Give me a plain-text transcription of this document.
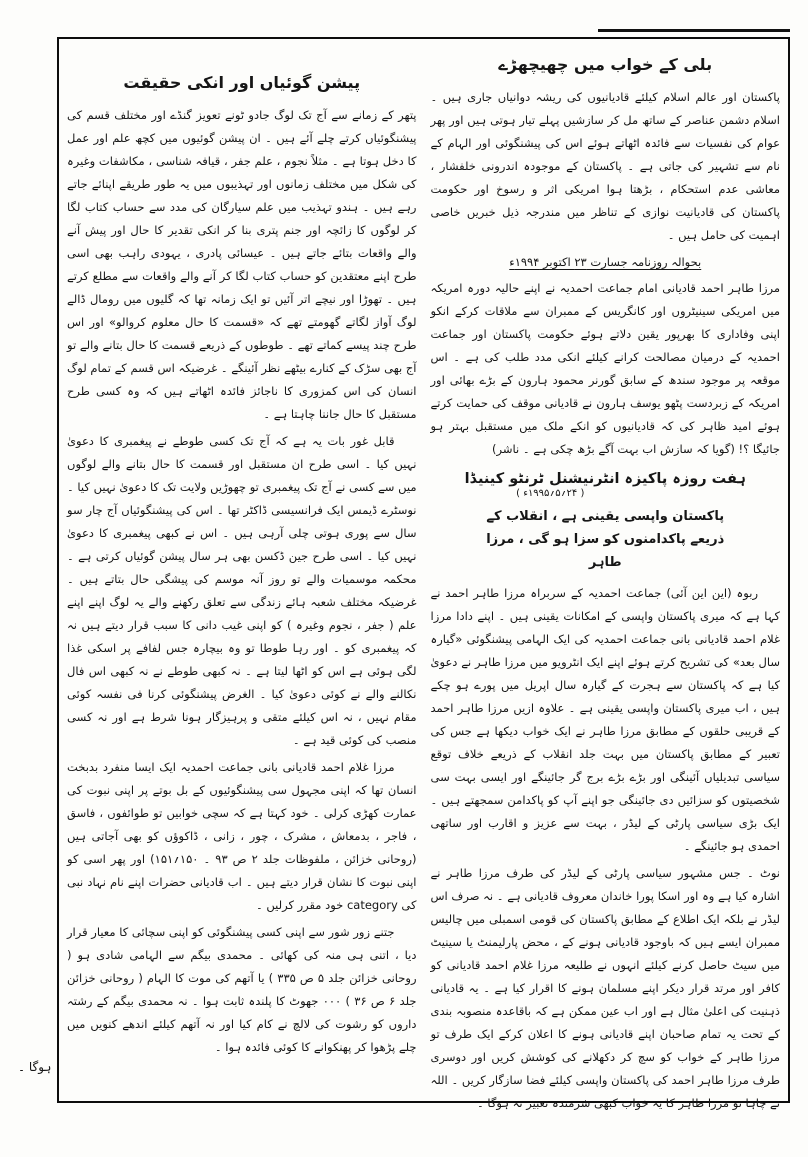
بلی کے خواب میں چھیچھڑے

پاکستان اور عالم اسلام کیلئے قادیانیوں کی ریشہ دوانیاں جاری ہیں ۔ اسلام دشمن عناصر کے ساتھ مل کر سازشیں پہلے تیار ہوتی ہیں اور پھر عوام کی نفسیات سے فائدہ اٹھاتے ہوئے اس کی پیشنگوئی اور الہام کے نام سے تشہیر کی جاتی ہے ۔ پاکستان کے موجودہ اندرونی خلفشار ، معاشی عدم استحکام ، بڑھتا ہوا امریکی اثر و رسوخ اور حکومت پاکستان کی قادیانیت نوازی کے تناظر میں مندرجہ ذیل خبریں خاصی اہمیت کی حامل ہیں ۔

بحوالہ روزنامہ جسارت ۲۳ اکتوبر ۱۹۹۴ء

مرزا طاہر احمد قادیانی امام جماعت احمدیہ نے اپنے حالیہ دورہ امریکہ میں امریکی سینیٹروں اور کانگریس کے ممبران سے ملاقات کرکے انکو اپنی وفاداری کا بھرپور یقین دلاتے ہوئے حکومت پاکستان اور جماعت احمدیہ کے درمیان مصالحت کرانے کیلئے انکی مدد طلب کی ہے ۔ اس موقعہ پر موجود سندھ کے سابق گورنر محمود ہارون کے بڑے بھائی اور امریکہ کے زبردست پٹھو یوسف ہارون نے قادیانی موقف کی حمایت کرتے ہوئے امید ظاہر کی کہ قادیانیوں کو انکے ملک میں مستقبل بہتر ہو جائیگا ؟! (گویا کہ سازش اب بہت آگے بڑھ چکی ہے ۔ ناشر)

ہفت روزہ پاکیزہ انٹرنیشنل ٹرنٹو کینیڈا
( ۲۴؍۵؍۱۹۹۵ء )
پاکستان واپسی یقینی ہے ، انقلاب کے ذریعے پاکدامنوں کو سزا ہو گی ، مرزا طاہر

ربوہ (این این آئی) جماعت احمدیہ کے سربراہ مرزا طاہر احمد نے کہا ہے کہ میری پاکستان واپسی کے امکانات یقینی ہیں ۔ اپنے دادا مرزا غلام احمد قادیانی بانی جماعت احمدیہ کی ایک الہامی پیشنگوئی «گیارہ سال بعد» کی تشریح کرتے ہوئے اپنے ایک انٹرویو میں مرزا طاہر نے دعویٰ کیا ہے کہ پاکستان سے ہجرت کے گیارہ سال اپریل میں پورے ہو چکے ہیں ، اب میری پاکستان واپسی یقینی ہے ۔ علاوہ ازیں مرزا طاہر احمد کے قریبی حلقوں کے مطابق مرزا طاہر نے ایک خواب دیکھا ہے جس کی تعبیر کے مطابق پاکستان میں بہت جلد انقلاب کے ذریعے خلاف توقع سیاسی تبدیلیاں آئینگی اور بڑے بڑے برج گر جائینگے اور ایسی بہت سی شخصیتوں کو سزائیں دی جائینگی جو اپنے آپ کو پاکدامن سمجھتے ہیں ۔ ایک بڑی سیاسی پارٹی کے لیڈر ، بہت سے عزیز و اقارب اور ساتھی احمدی ہو جائینگے ۔

نوٹ ۔ جس مشہور سیاسی پارٹی کے لیڈر کی طرف مرزا طاہر نے اشارہ کیا ہے وہ اور اسکا پورا خاندان معروف قادیانی ہے ۔ نہ صرف اس لیڈر نے بلکہ ایک اطلاع کے مطابق پاکستان کی قومی اسمبلی میں چالیس ممبران ایسے ہیں کہ باوجود قادیانی ہونے کے ، محض پارلیمنٹ یا سینیٹ میں سیٹ حاصل کرنے کیلئے انہوں نے طلیعہ مرزا غلام احمد قادیانی کو کافر اور مرتد قرار دیکر اپنے مسلمان ہونے کا اقرار کیا ہے ۔ یہ قادیانی ذہنیت کی اعلیٰ مثال ہے اور اب عین ممکن ہے کہ باقاعدہ منصوبہ بندی کے تحت یہ تمام صاحبان اپنے قادیانی ہونے کا اعلان کرکے ایک طرف تو مرزا طاہر کے خواب کو سچ کر دکھلانے کی کوشش کریں اور دوسری طرف مرزا طاہر احمد کی پاکستان واپسی کیلئے فضا سازگار کریں ۔ اللہ نے چاہا تو مرزا طاہر کا یہ خواب کبھی شرمندہ تعبیر نہ ہوگا ۔

پیشن گوئیاں اور انکی حقیقت

پتھر کے زمانے سے آج تک لوگ جادو ٹونے تعویز گنڈے اور مختلف قسم کی پیشنگوئیاں کرتے چلے آئے ہیں ۔ ان پیشن گوئیوں میں کچھ علم اور عمل کا دخل ہوتا ہے ۔ مثلاً نجوم ، علم جفر ، قیافہ شناسی ، مکاشفات وغیرہ کی شکل میں مختلف زمانوں اور تہذیبوں میں یہ طور طریقے اپنائے جاتے رہے ہیں ۔ ہندو تہذیب میں علم سیارگان کی مدد سے حساب کتاب لگا کر لوگوں کا زائچہ اور جنم پتری بنا کر انکی تقدیر کا حال اور پیش آنے والے واقعات بتائے جاتے ہیں ۔ عیسائی پادری ، یہودی راہب بھی اسی طرح اپنے معتقدین کو حساب کتاب لگا کر آنے والے واقعات سے مطلع کرتے ہیں ۔ تھوڑا اور نیچے اتر آئیں تو ایک زمانہ تھا کہ گلیوں میں رومال ڈالے لوگ آواز لگاتے گھومتے تھے کہ «قسمت کا حال معلوم کروالو» اور اس طرح چند پیسے کماتے تھے ۔ طوطوں کے ذریعے قسمت کا حال بتانے والے تو آج بھی سڑک کے کنارے بیٹھے نظر آئینگے ۔ غرضیکہ اس قسم کے تمام لوگ انسان کی اس کمزوری کا ناجائز فائدہ اٹھاتے ہیں کہ وہ کسی طرح مستقبل کا حال جاننا چاہتا ہے ۔

قابل غور بات یہ ہے کہ آج تک کسی طوطے نے پیغمبری کا دعویٰ نہیں کیا ۔ اسی طرح ان مستقبل اور قسمت کا حال بتانے والے لوگوں میں سے کسی نے آج تک پیغمبری تو چھوڑیں ولایت تک کا دعویٰ نہیں کیا ۔ نوسٹرے ڈیمس ایک فرانسیسی ڈاکٹر تھا ۔ اس کی پیشنگوئیاں آج چار سو سال سے پوری ہوتی چلی آرہی ہیں ۔ اس نے کبھی پیغمبری کا دعویٰ نہیں کیا ۔ اسی طرح جین ڈکسن بھی ہر سال پیشن گوئیاں کرتی ہے ۔ محکمہ موسمیات والے تو روز آنہ موسم کی پیشگی حال بتاتے ہیں ۔ غرضیکہ مختلف شعبہ ہائے زندگی سے تعلق رکھنے والے یہ لوگ اپنے اپنے علم ( جفر ، نجوم وغیرہ ) کو اپنی غیب دانی کا سبب قرار دیتے ہیں نہ کہ پیغمبری کو ۔ اور رہا طوطا تو وہ بیچارہ جس لفافے پر اسکی غذا لگی ہوئی ہے اس کو اٹھا لیتا ہے ۔ نہ کبھی طوطے نے نہ کبھی اس فال نکالنے والے نے کوئی دعویٰ کیا ۔ الغرض پیشنگوئی کرنا فی نفسہ کوئی مقام نہیں ، نہ اس کیلئے متقی و پرہیزگار ہونا شرط ہے اور نہ کسی منصب کی کوئی قید ہے ۔

مرزا غلام احمد قادیانی بانی جماعت احمدیہ ایک ایسا منفرد بدبخت انسان تھا کہ اپنی مجہول سی پیشنگوئیوں کے بل بوتے پر اپنی نبوت کی عمارت کھڑی کرلی ۔ خود کہتا ہے کہ سچی خوابیں تو طوائفوں ، فاسق ، فاجر ، بدمعاش ، مشرک ، چور ، زانی ، ڈاکوؤں کو بھی آجاتی ہیں (روحانی خزائن ، ملفوظات جلد ۲ ص ۹۳ ۔ ۱۵۰؍۱۵۱) اور پھر اسی کو اپنی نبوت کا نشان قرار دیتے ہیں ۔ اب قادیانی حضرات اپنے نام نہاد نبی کی category خود مقرر کرلیں ۔

جتنے زور شور سے اپنی کسی پیشنگوئی کو اپنی سچائی کا معیار قرار دیا ، اتنی ہی منہ کی کھائی ۔ محمدی بیگم سے الہامی شادی ہو ( روحانی خزائن جلد ۵ ص ۳۳۵ ) یا آتھم کی موت کا الہام ( روحانی خزائن جلد ۶ ص ۳۶ ) ۰۰۰ جھوٹ کا پلندہ ثابت ہوا ۔ نہ محمدی بیگم کے رشتہ داروں کو رشوت کی لالچ نے کام کیا اور نہ آتھم کیلئے اندھے کنویں میں چلے پڑھوا کر پھنکوانے کا کوئی فائدہ ہوا ۔

ہوگا ۔
